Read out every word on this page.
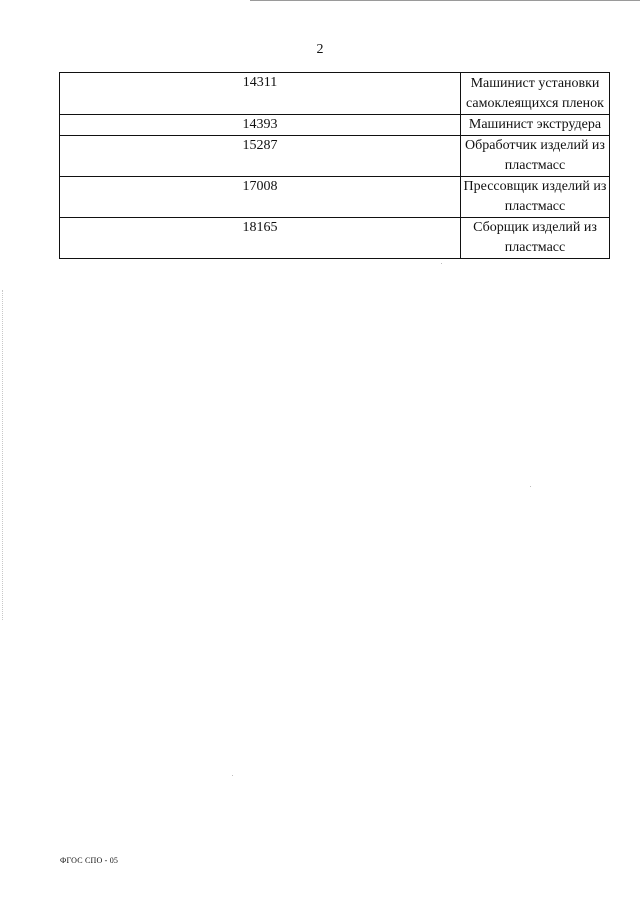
2
14311	Машинист установки самоклеящихся пленок
14393	Машинист экструдера
15287	Обработчик изделий из пластмасс
17008	Прессовщик изделий из пластмасс
18165	Сборщик изделий из пластмасс
ФГОС СПО - 05
